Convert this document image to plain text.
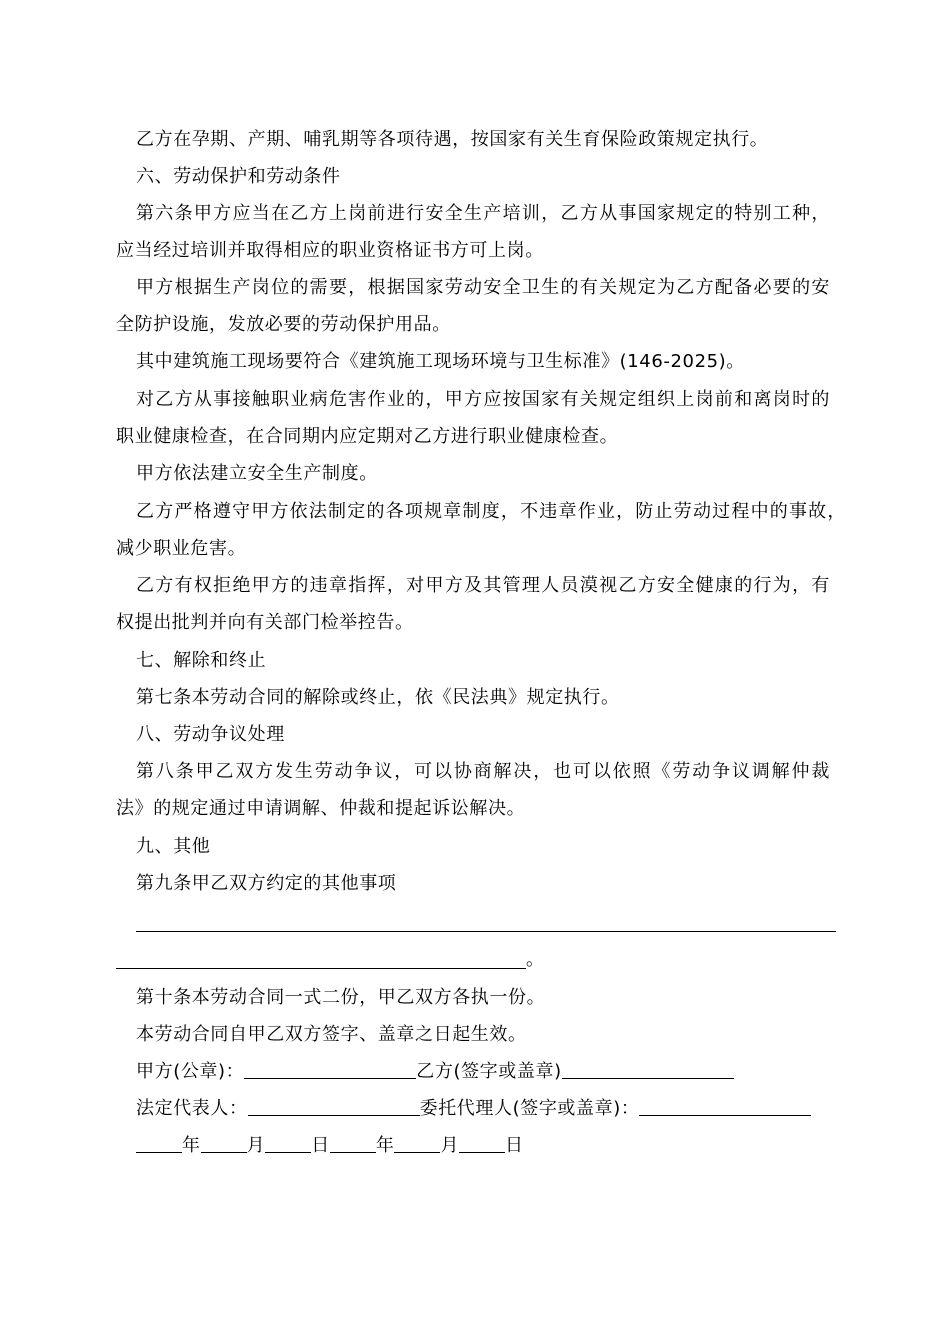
乙方在孕期、产期、哺乳期等各项待遇，按国家有关生育保险政策规定执行。
六、劳动保护和劳动条件
第六条甲方应当在乙方上岗前进行安全生产培训，乙方从事国家规定的特别工种，
应当经过培训并取得相应的职业资格证书方可上岗。
甲方根据生产岗位的需要，根据国家劳动安全卫生的有关规定为乙方配备必要的安
全防护设施，发放必要的劳动保护用品。
其中建筑施工现场要符合《建筑施工现场环境与卫生标准》(146-2025)。
对乙方从事接触职业病危害作业的，甲方应按国家有关规定组织上岗前和离岗时的
职业健康检查，在合同期内应定期对乙方进行职业健康检查。
甲方依法建立安全生产制度。
乙方严格遵守甲方依法制定的各项规章制度，不违章作业，防止劳动过程中的事故，
减少职业危害。
乙方有权拒绝甲方的违章指挥，对甲方及其管理人员漠视乙方安全健康的行为，有
权提出批判并向有关部门检举控告。
七、解除和终止
第七条本劳动合同的解除或终止，依《民法典》规定执行。
八、劳动争议处理
第八条甲乙双方发生劳动争议，可以协商解决，也可以依照《劳动争议调解仲裁
法》的规定通过申请调解、仲裁和提起诉讼解决。
九、其他
第九条甲乙双方约定的其他事项
。
第十条本劳动合同一式二份，甲乙双方各执一份。
本劳动合同自甲乙双方签字、盖章之日起生效。
甲方(公章)：	乙方(签字或盖章)
法定代表人：	委托代理人(签字或盖章)：
年	月	日	年	月	日
